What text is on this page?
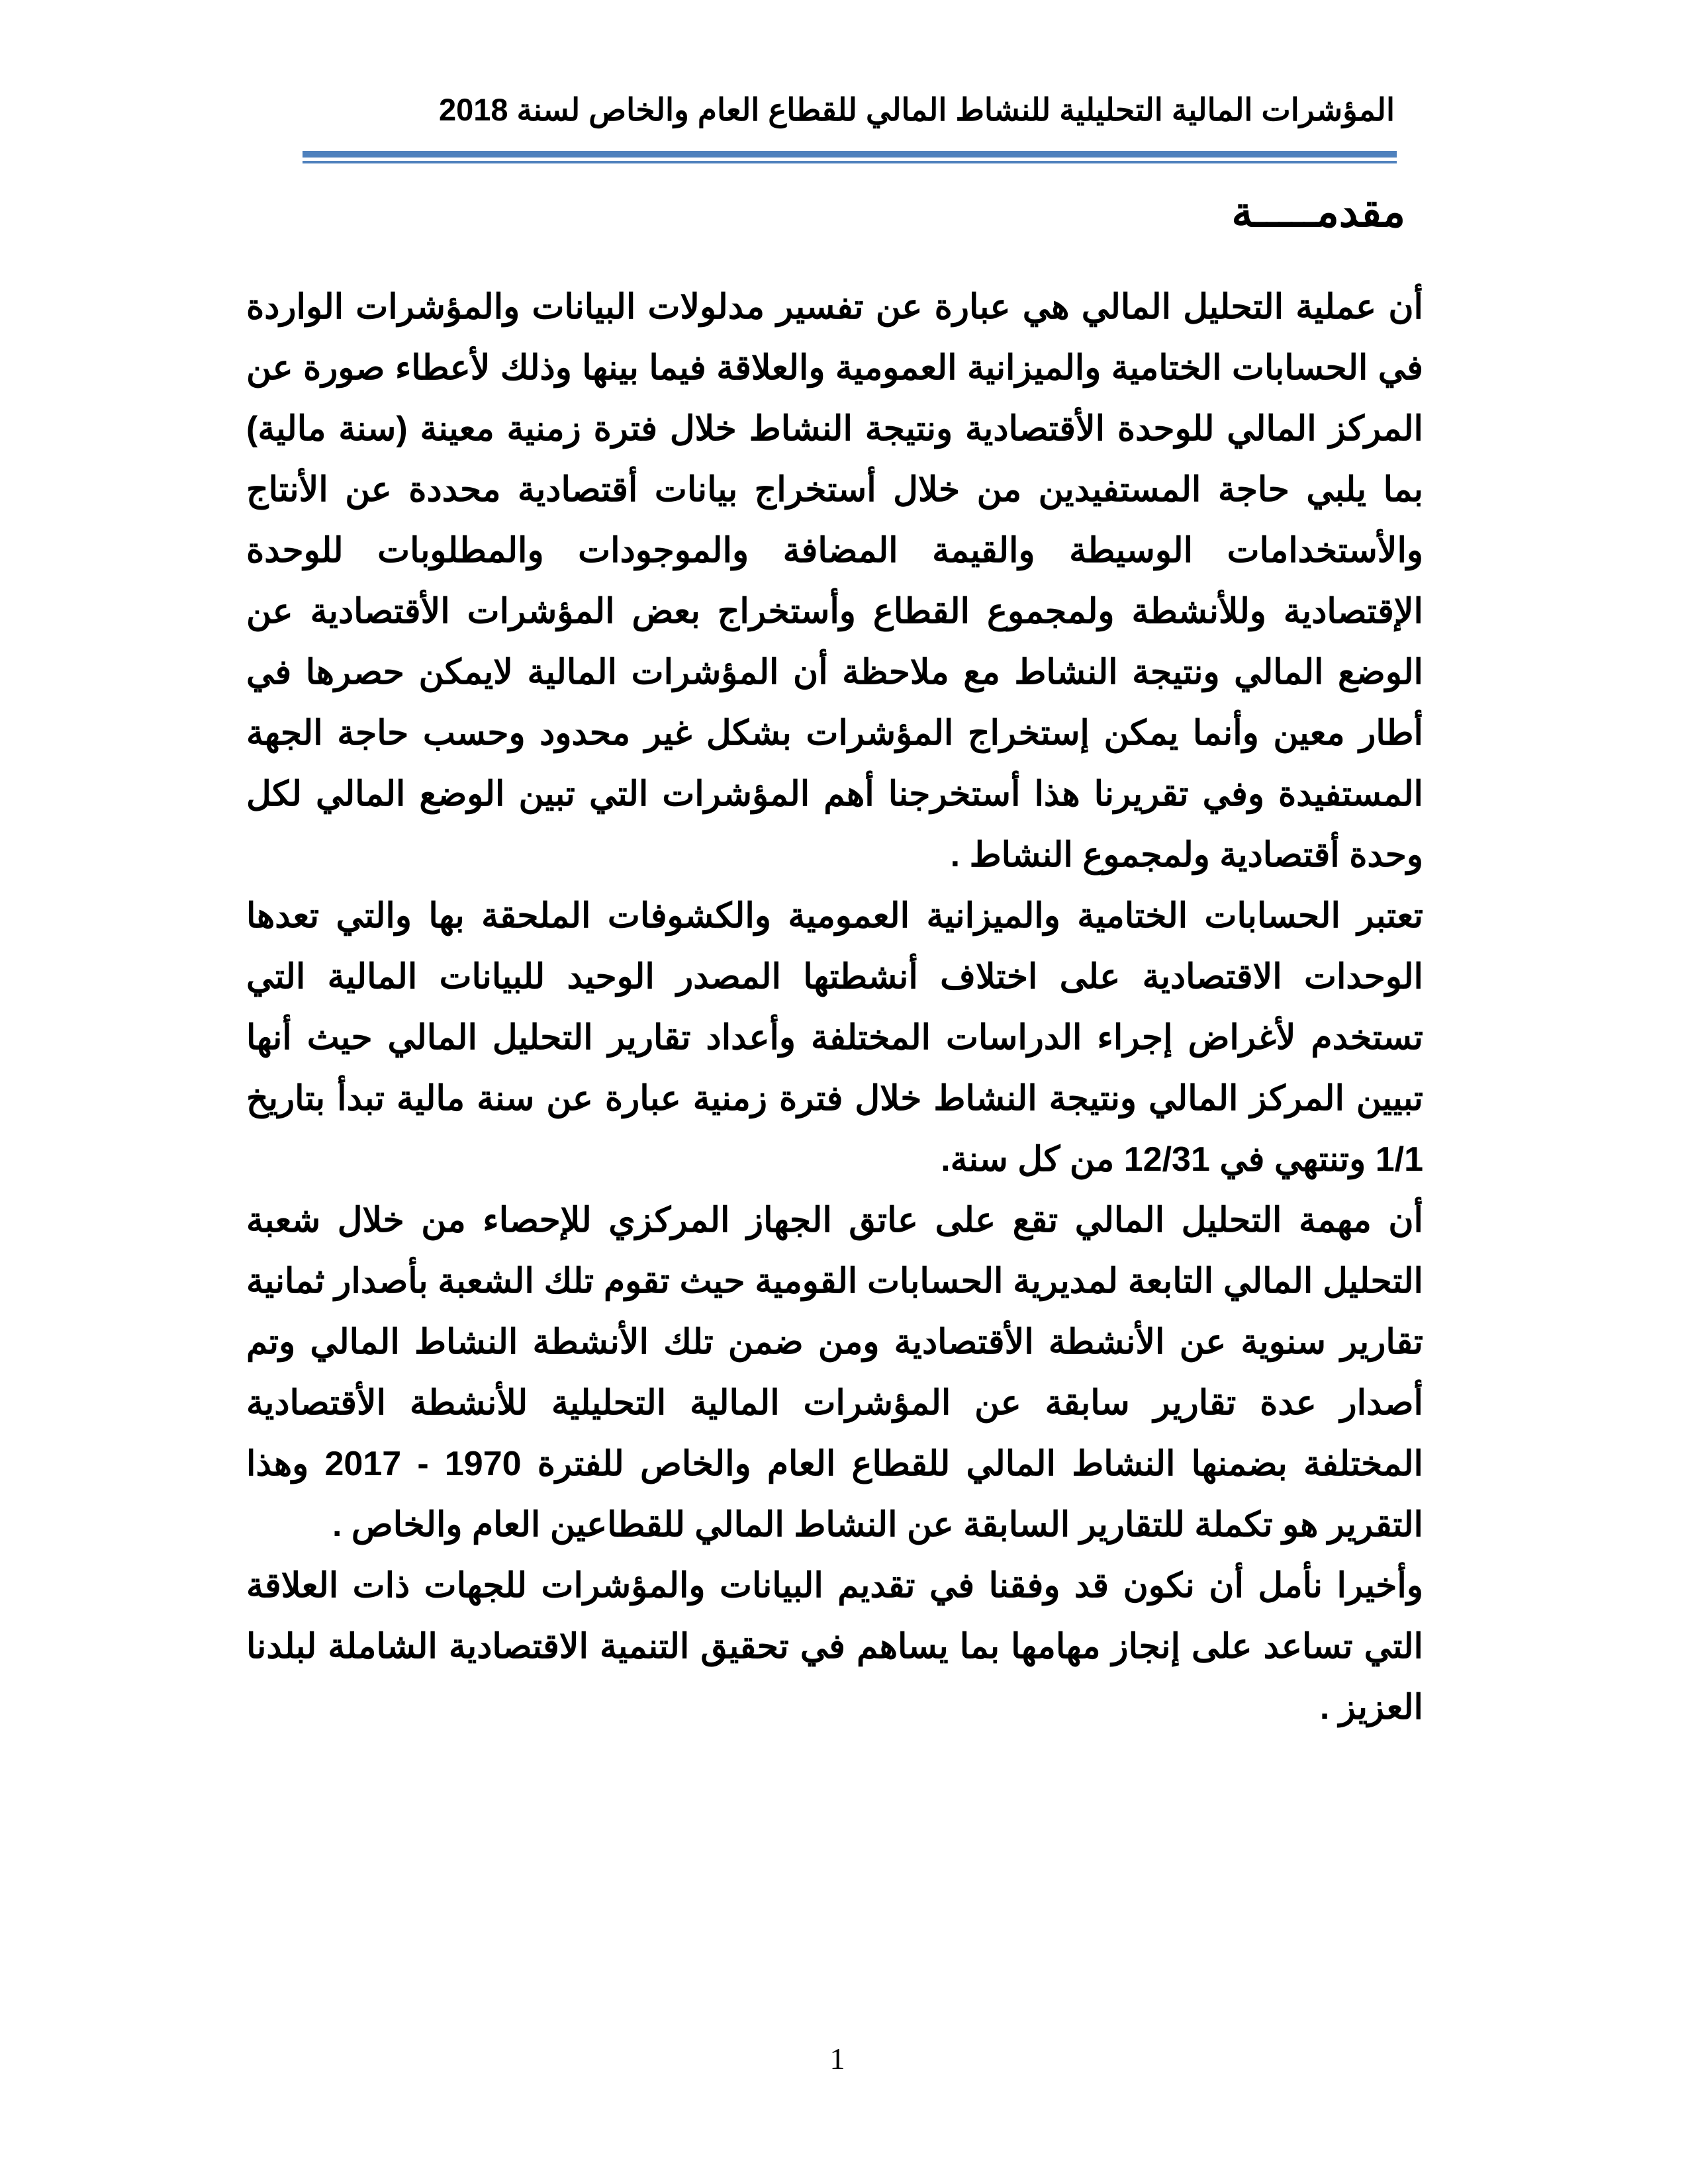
المؤشرات المالية التحليلية للنشاط المالي للقطاع العام والخاص لسنة 2018
مقدمـــــة

أن عملية التحليل المالي هي عبارة عن تفسير مدلولات البيانات والمؤشرات الواردة في الحسابات الختامية والميزانية العمومية والعلاقة فيما بينها وذلك لأعطاء صورة عن المركز المالي للوحدة الأقتصادية ونتيجة النشاط خلال فترة زمنية معينة (سنة مالية) بما يلبي حاجة المستفيدين من خلال أستخراج بيانات أقتصادية محددة عن الأنتاج والأستخدامات الوسيطة والقيمة المضافة والموجودات والمطلوبات للوحدة الإقتصادية وللأنشطة ولمجموع القطاع وأستخراج بعض المؤشرات الأقتصادية عن الوضع المالي ونتيجة النشاط مع ملاحظة أن المؤشرات المالية لايمكن حصرها في أطار معين وأنما يمكن إستخراج المؤشرات بشكل غير محدود وحسب حاجة الجهة المستفيدة وفي تقريرنا هذا أستخرجنا أهم المؤشرات التي تبين الوضع المالي لكل وحدة أقتصادية ولمجموع النشاط .

تعتبر الحسابات الختامية والميزانية العمومية والكشوفات الملحقة بها والتي تعدها الوحدات الاقتصادية على اختلاف أنشطتها المصدر الوحيد للبيانات المالية التي تستخدم لأغراض إجراء الدراسات المختلفة وأعداد تقارير التحليل المالي حيث أنها تبيين المركز المالي ونتيجة النشاط خلال فترة زمنية عبارة عن سنة مالية تبدأ بتاريخ 1/1 وتنتهي في 12/31 من كل سنة.

أن مهمة التحليل المالي تقع على عاتق الجهاز المركزي للإحصاء من خلال شعبة التحليل المالي التابعة لمديرية الحسابات القومية حيث تقوم تلك الشعبة بأصدار ثمانية تقارير سنوية عن الأنشطة الأقتصادية ومن ضمن تلك الأنشطة النشاط المالي وتم أصدار عدة تقارير سابقة عن المؤشرات المالية التحليلية للأنشطة الأقتصادية المختلفة بضمنها النشاط المالي للقطاع العام والخاص للفترة 1970 - 2017 وهذا التقرير هو تكملة للتقارير السابقة عن النشاط المالي للقطاعين العام والخاص .

وأخيرا نأمل أن نكون قد وفقنا في تقديم البيانات والمؤشرات للجهات ذات العلاقة التي تساعد على إنجاز مهامها بما يساهم في تحقيق التنمية الاقتصادية الشاملة لبلدنا العزيز .

1
